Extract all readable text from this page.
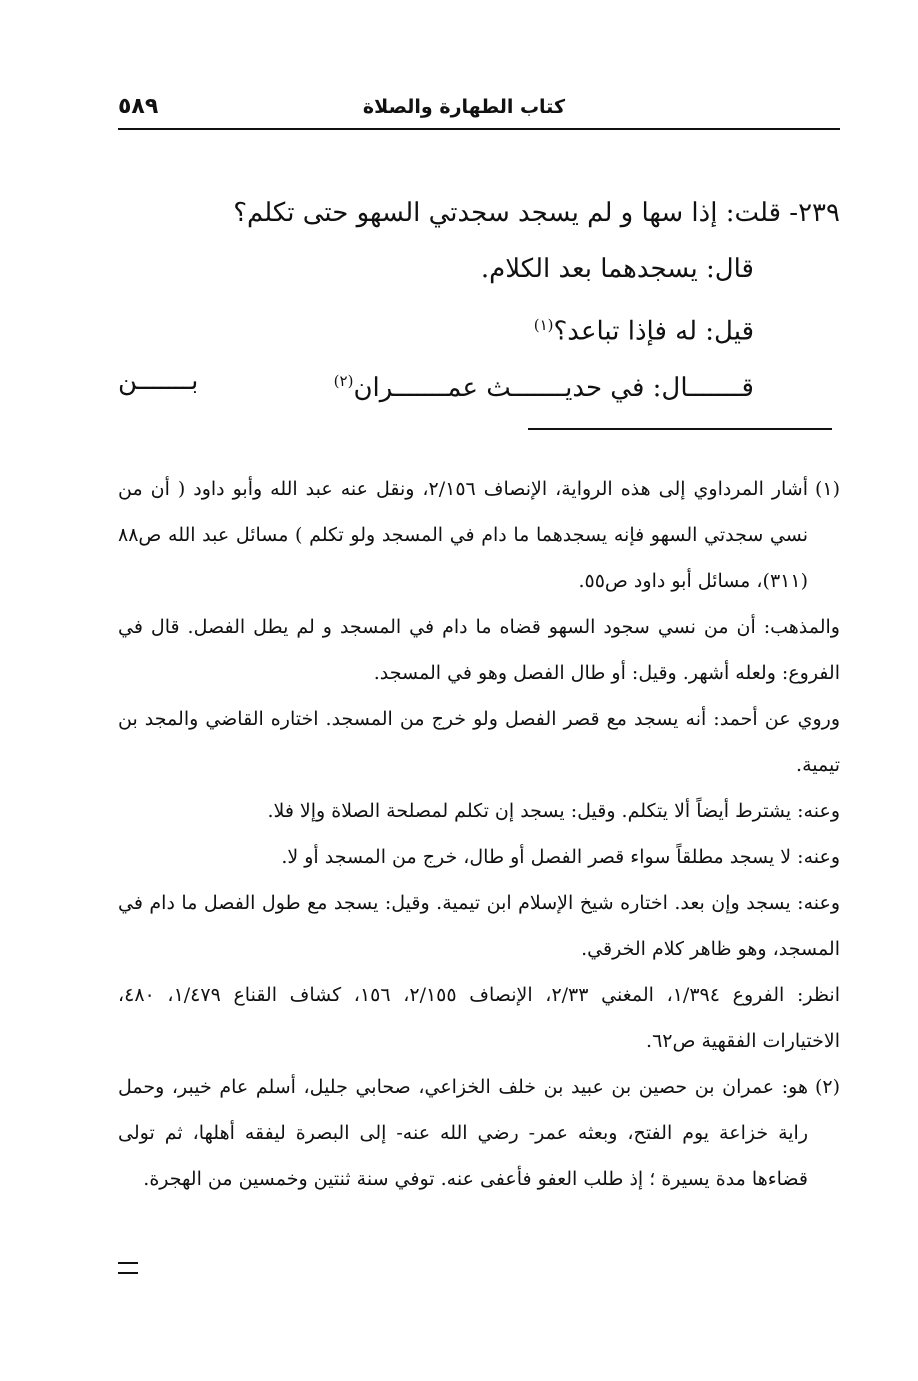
كتاب الطهارة والصلاة
٥٨٩
٢٣٩- قلت: إذا سها و لم يسجد سجدتي السهو حتى تكلم؟
قال: يسجدهما بعد الكلام.
قيل: له فإذا تباعد؟$^{(١)}$
قـــــــال: في حديـــــــث عمـــــــران$^{(٢)}$
بـــــــن
(١)
أشار المرداوي إلى هذه الرواية، الإنصاف ٢/١٥٦، ونقل عنه عبد الله وأبو داود ( أن من نسي سجدتي السهو فإنه يسجدهما ما دام في المسجد ولو تكلم ) مسائل عبد الله ص٨٨ (٣١١)، مسائل أبو داود ص٥٥.
والمذهب: أن من نسي سجود السهو قضاه ما دام في المسجد و لم يطل الفصل. قال في الفروع: ولعله أشهر. وقيل: أو طال الفصل وهو في المسجد.
وروي عن أحمد: أنه يسجد مع قصر الفصل ولو خرج من المسجد. اختاره القاضي والمجد بن تيمية.
وعنه: يشترط أيضاً ألا يتكلم. وقيل: يسجد إن تكلم لمصلحة الصلاة وإلا فلا.
وعنه: لا يسجد مطلقاً سواء قصر الفصل أو طال، خرج من المسجد أو لا.
وعنه: يسجد وإن بعد. اختاره شيخ الإسلام ابن تيمية. وقيل: يسجد مع طول الفصل ما دام في المسجد، وهو ظاهر كلام الخرقي.
انظر: الفروع ١/٣٩٤، المغني ٢/٣٣، الإنصاف ٢/١٥٥، ١٥٦، كشاف القناع ١/٤٧٩، ٤٨٠، الاختيارات الفقهية ص٦٢.
(٢)
هو: عمران بن حصين بن عبيد بن خلف الخزاعي، صحابي جليل، أسلم عام خيبر، وحمل راية خزاعة يوم الفتح، وبعثه عمر- رضي الله عنه- إلى البصرة ليفقه أهلها، ثم تولى قضاءها مدة يسيرة ؛ إذ طلب العفو فأعفى عنه. توفي سنة ثنتين وخمسين من الهجرة.
